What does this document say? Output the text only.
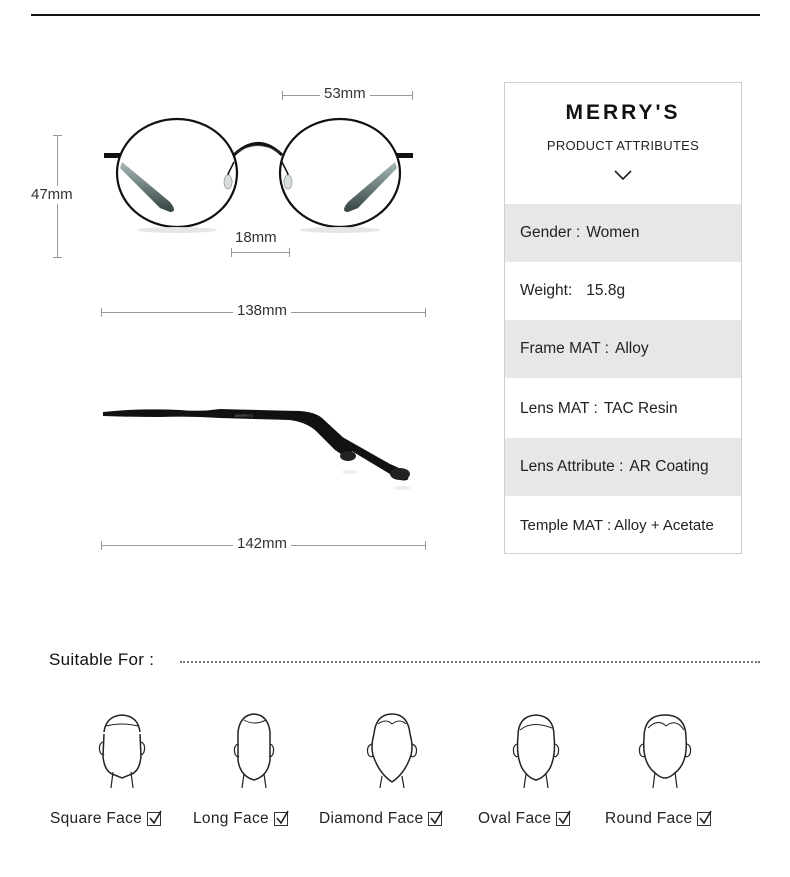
53mm
47mm
18mm
138mm
MERRY'S
142mm
MERRY'S
PRODUCT ATTRIBUTES
Gender : Women
Weight: 15.8g
Frame MAT : Alloy
Lens MAT : TAC Resin
Lens Attribute : AR Coating
Temple MAT : Alloy + Acetate
Suitable For :
Square Face	Long Face	Diamond Face	Oval Face	Round Face
